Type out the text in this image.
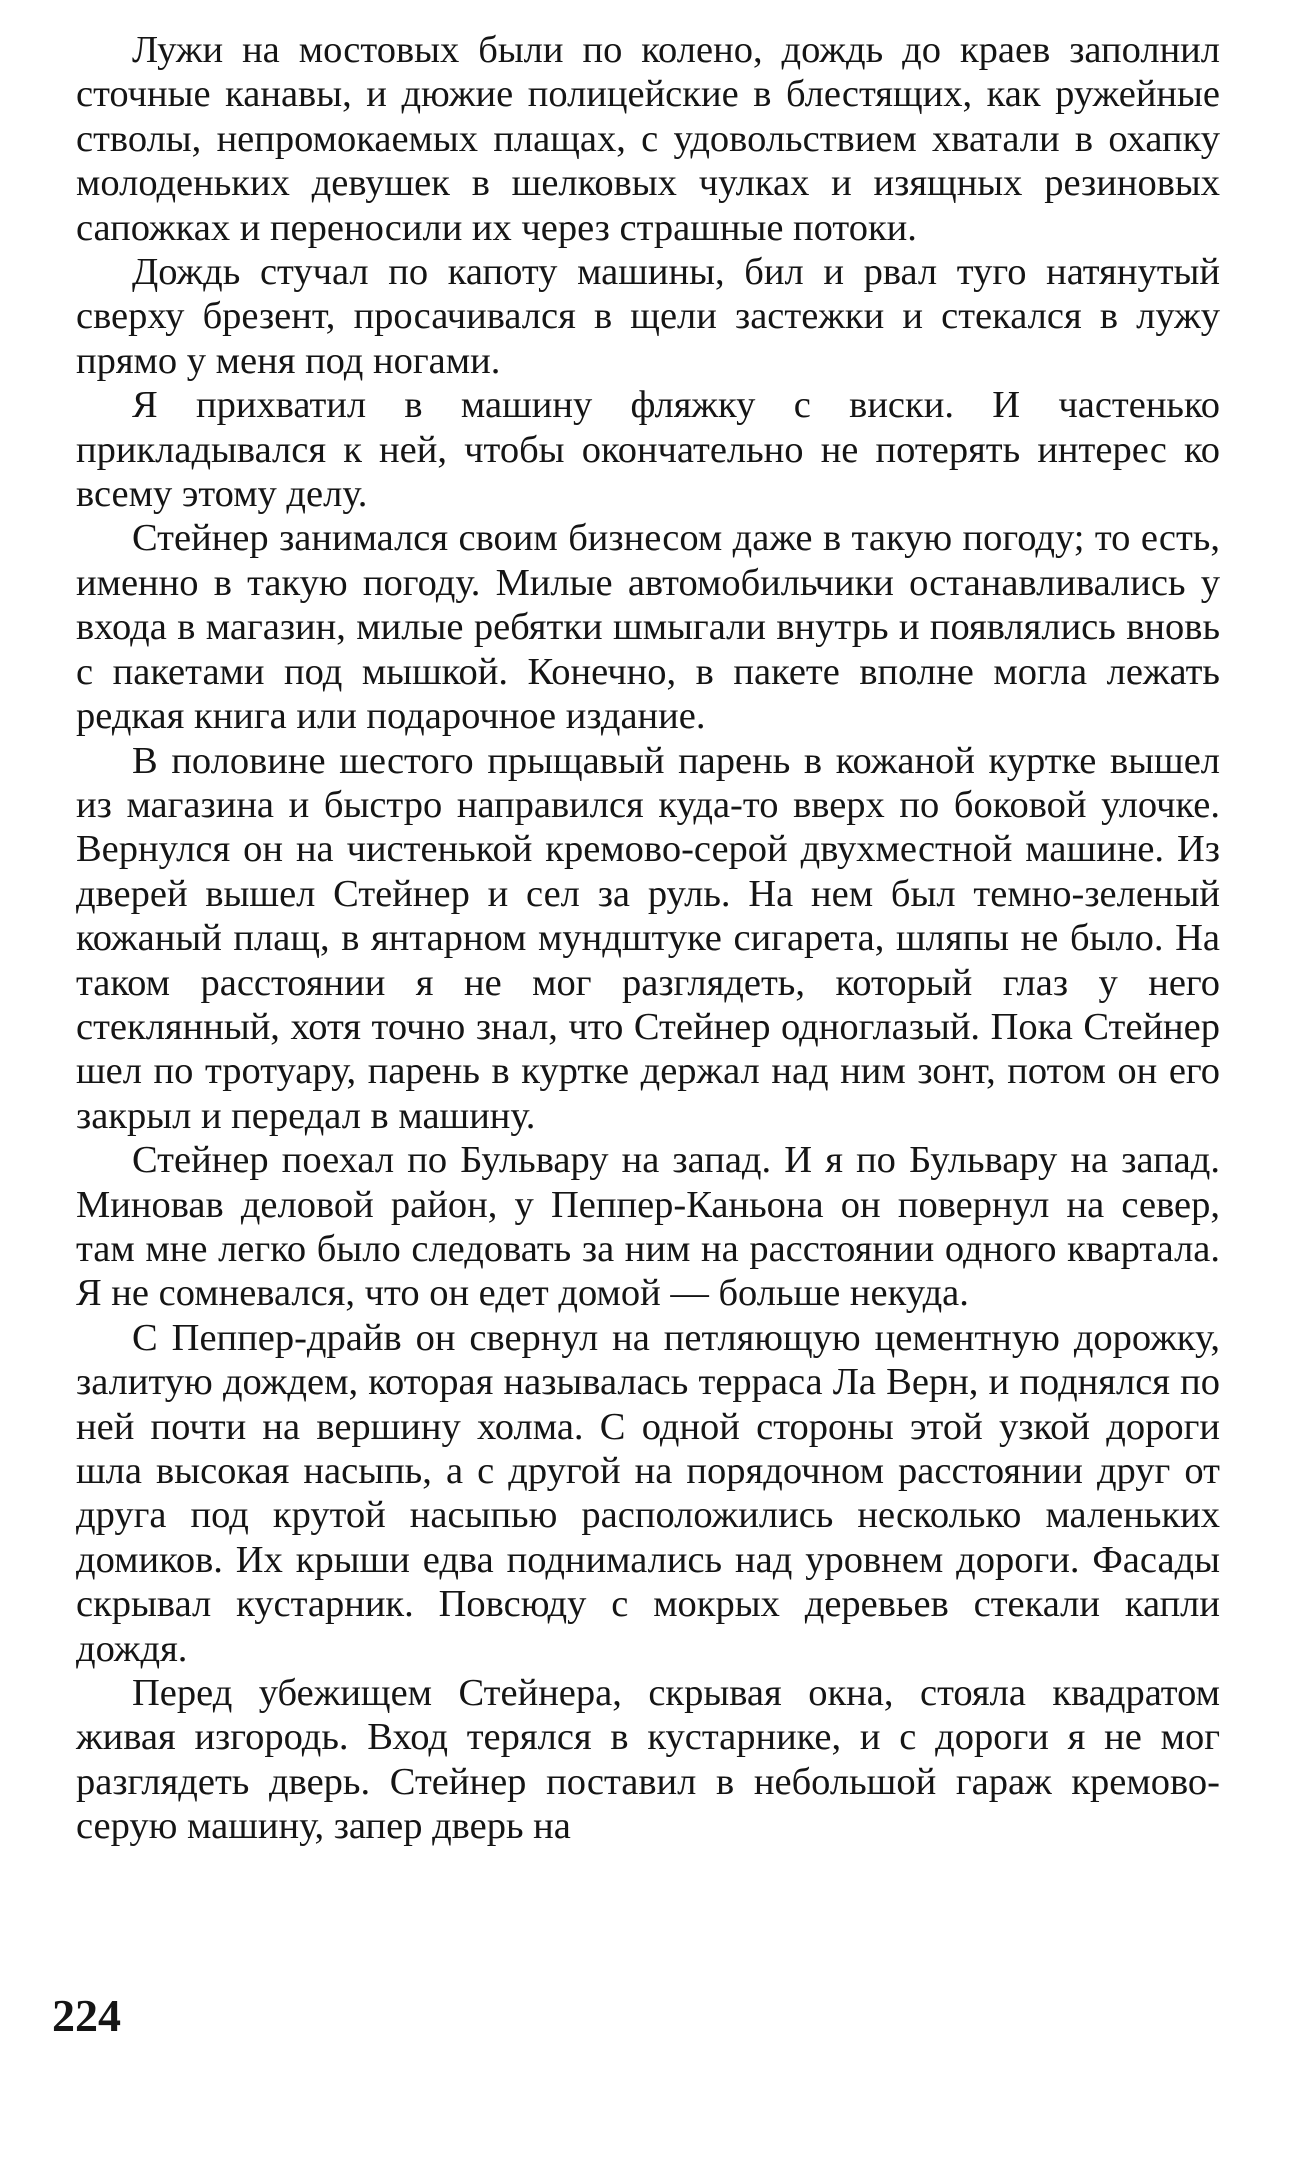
Лужи на мостовых были по колено, дождь до краев заполнил сточные канавы, и дюжие полицейские в блестящих, как ружейные стволы, непромокаемых плащах, с удовольствием хватали в охапку молоденьких девушек в шелковых чулках и изящных резиновых сапожках и переносили их через страшные потоки.

Дождь стучал по капоту машины, бил и рвал туго натянутый сверху брезент, просачивался в щели застежки и стекался в лужу прямо у меня под ногами.

Я прихватил в машину фляжку с виски. И частенько прикладывался к ней, чтобы окончательно не потерять интерес ко всему этому делу.

Стейнер занимался своим бизнесом даже в такую погоду; то есть, именно в такую погоду. Милые автомобильчики останавливались у входа в магазин, милые ребятки шмыгали внутрь и появлялись вновь с пакетами под мышкой. Конечно, в пакете вполне могла лежать редкая книга или подарочное издание.

В половине шестого прыщавый парень в кожаной куртке вышел из магазина и быстро направился куда-то вверх по боковой улочке. Вернулся он на чистенькой кремово-серой двухместной машине. Из дверей вышел Стейнер и сел за руль. На нем был темно-зеленый кожаный плащ, в янтарном мундштуке сигарета, шляпы не было. На таком расстоянии я не мог разглядеть, который глаз у него стеклянный, хотя точно знал, что Стейнер одноглазый. Пока Стейнер шел по тротуару, парень в куртке держал над ним зонт, потом он его закрыл и передал в машину.

Стейнер поехал по Бульвару на запад. И я по Бульвару на запад. Миновав деловой район, у Пеппер-Каньона он повернул на север, там мне легко было следовать за ним на расстоянии одного квартала. Я не сомневался, что он едет домой — больше некуда.

С Пеппер-драйв он свернул на петляющую цементную дорожку, залитую дождем, которая называлась терраса Ла Верн, и поднялся по ней почти на вершину холма. С одной стороны этой узкой дороги шла высокая насыпь, а с другой на порядочном расстоянии друг от друга под крутой насыпью расположились несколько маленьких домиков. Их крыши едва поднимались над уровнем дороги. Фасады скрывал кустарник. Повсюду с мокрых деревьев стекали капли дождя.

Перед убежищем Стейнера, скрывая окна, стояла квадратом живая изгородь. Вход терялся в кустарнике, и с дороги я не мог разглядеть дверь. Стейнер поставил в небольшой гараж кремово-серую машину, запер дверь на

224
